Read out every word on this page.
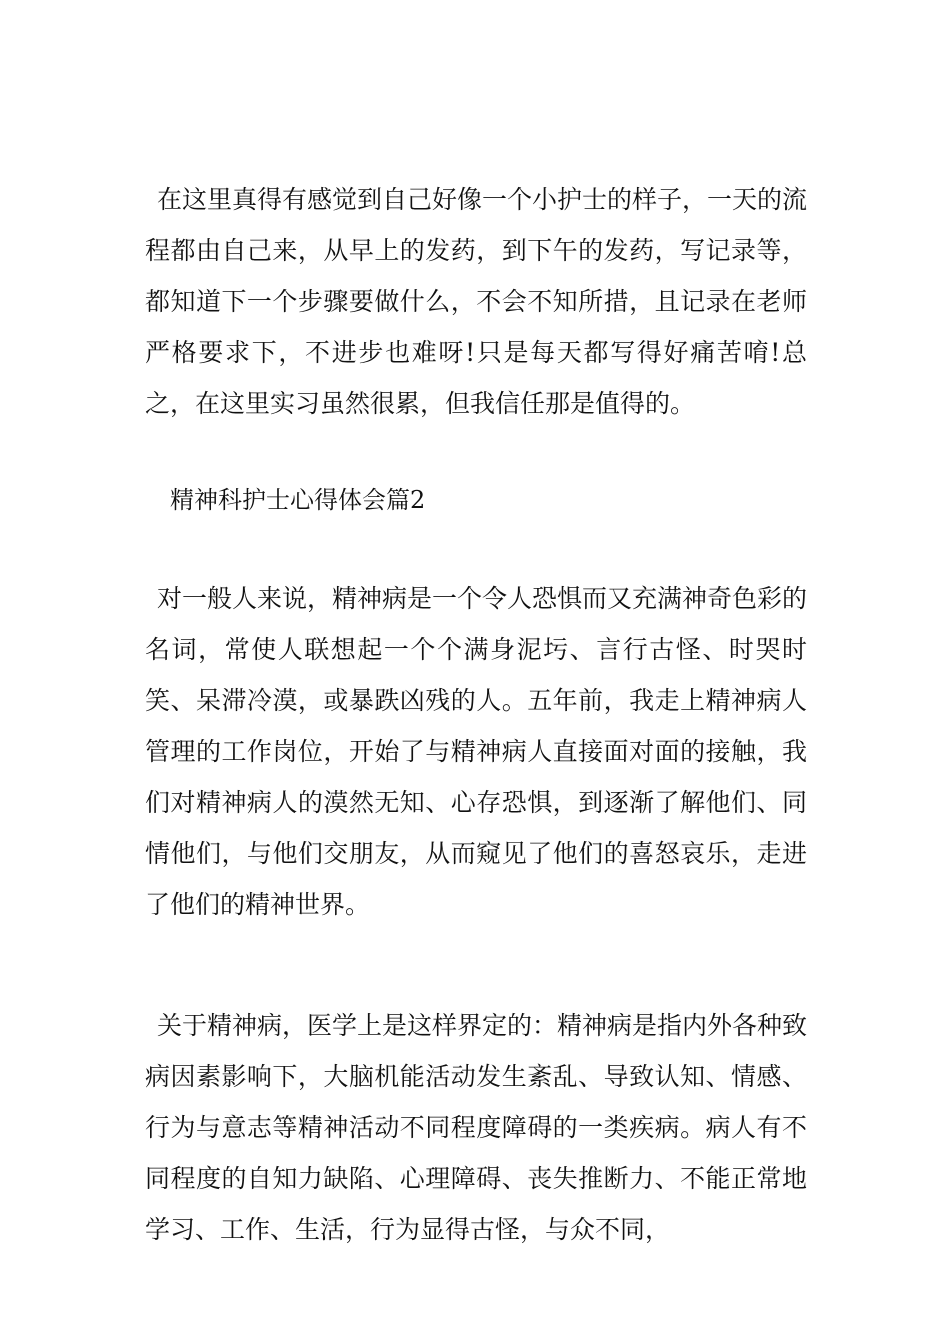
在这里真得有感觉到自己好像一个小护士的样子，一天的流程都由自己来，从早上的发药，到下午的发药，写记录等，都知道下一个步骤要做什么，不会不知所措，且记录在老师严格要求下，不进步也难呀!只是每天都写得好痛苦唷!总之，在这里实习虽然很累，但我信任那是值得的。

精神科护士心得体会篇2

对一般人来说，精神病是一个令人恐惧而又充满神奇色彩的名词，常使人联想起一个个满身泥圬、言行古怪、时哭时笑、呆滞冷漠，或暴跌凶残的人。五年前，我走上精神病人管理的工作岗位，开始了与精神病人直接面对面的接触，我们对精神病人的漠然无知、心存恐惧，到逐渐了解他们、同情他们，与他们交朋友，从而窥见了他们的喜怒哀乐，走进了他们的精神世界。

关于精神病，医学上是这样界定的：精神病是指内外各种致病因素影响下，大脑机能活动发生紊乱、导致认知、情感、行为与意志等精神活动不同程度障碍的一类疾病。病人有不同程度的自知力缺陷、心理障碍、丧失推断力、不能正常地学习、工作、生活，行为显得古怪，与众不同，
